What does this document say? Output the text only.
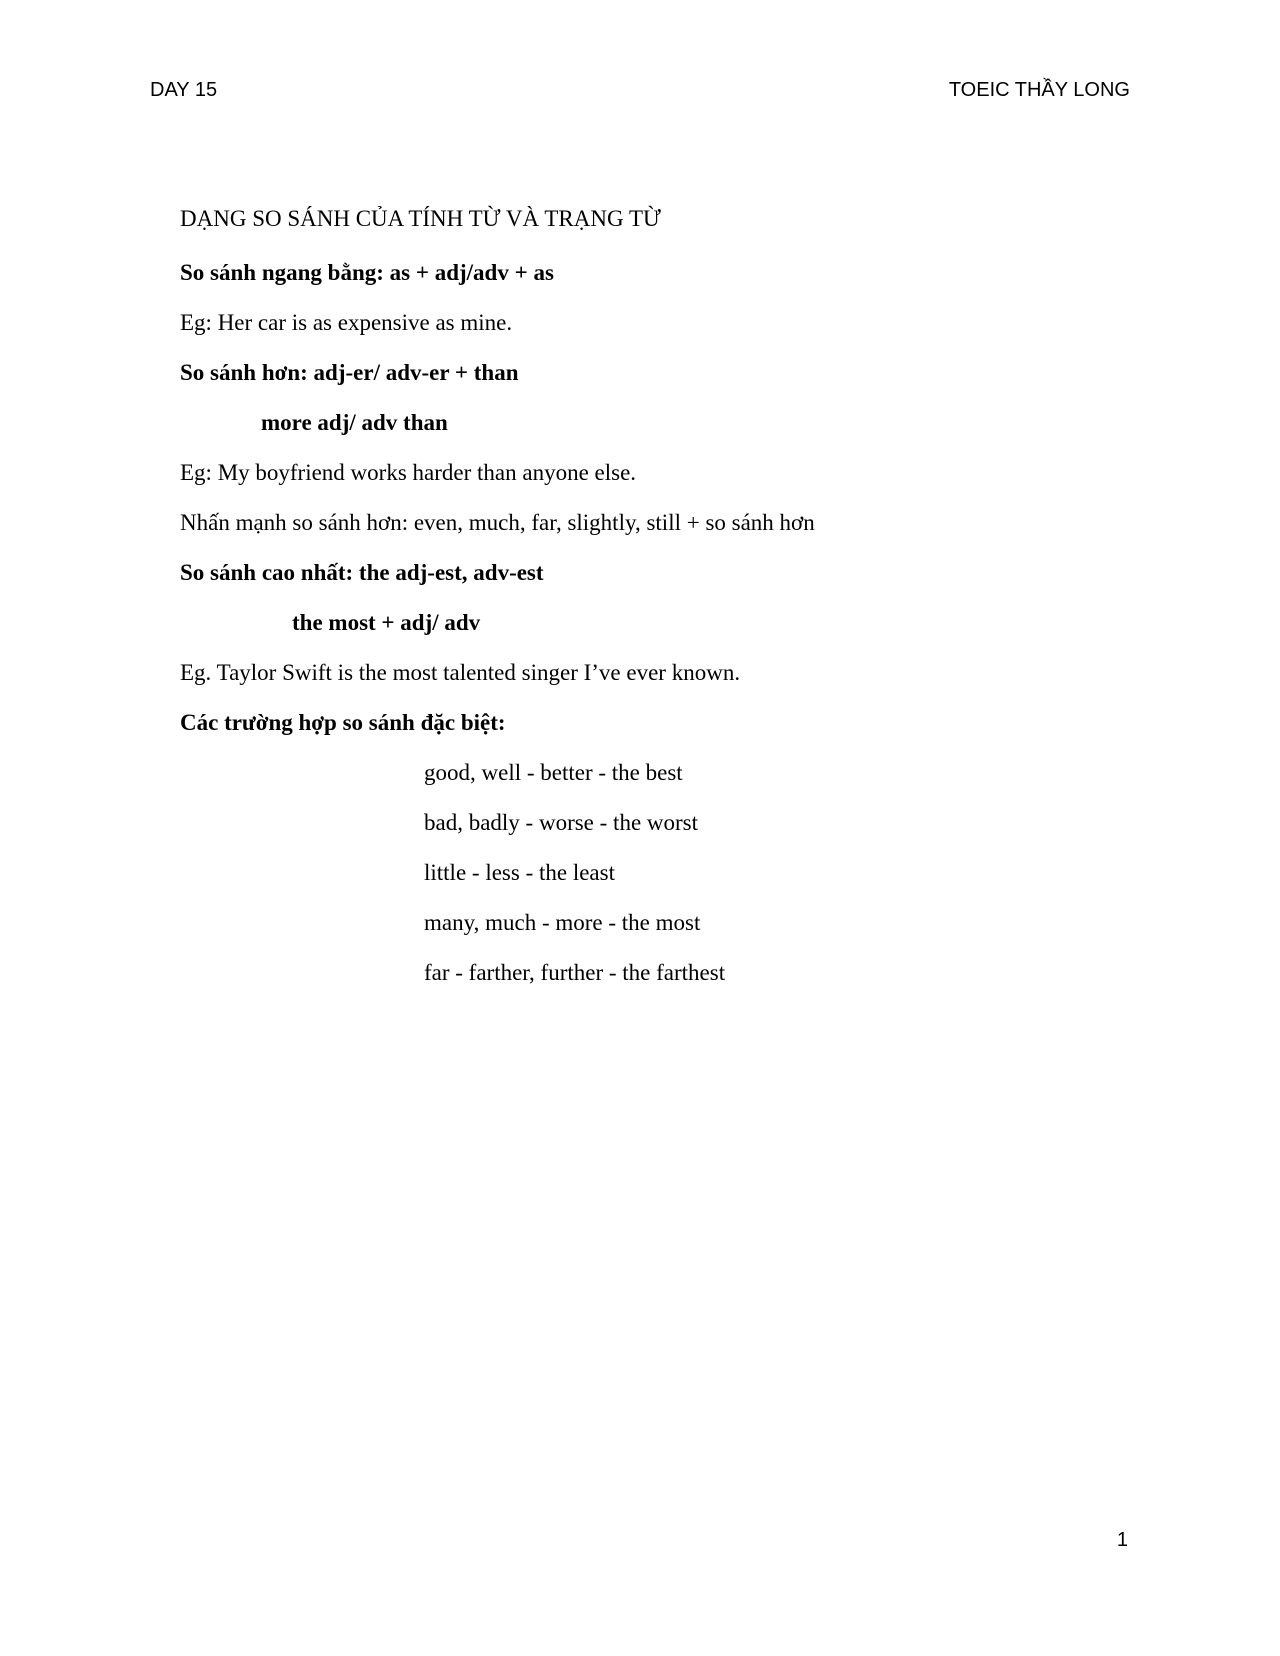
DAY 15	TOEIC THẦY LONG
DẠNG SO SÁNH CỦA TÍNH TỪ VÀ TRẠNG TỪ
So sánh ngang bằng: as + adj/adv + as
Eg: Her car is as expensive as mine.
So sánh hơn: adj-er/ adv-er + than
more adj/ adv than
Eg: My boyfriend works harder than anyone else.
Nhấn mạnh so sánh hơn: even, much, far, slightly, still + so sánh hơn
So sánh cao nhất: the adj-est, adv-est
the most + adj/ adv
Eg. Taylor Swift is the most talented singer I’ve ever known.
Các trường hợp so sánh đặc biệt:
good, well - better - the best
bad, badly - worse - the worst
little - less - the least
many, much - more - the most
far - farther, further - the farthest
1
